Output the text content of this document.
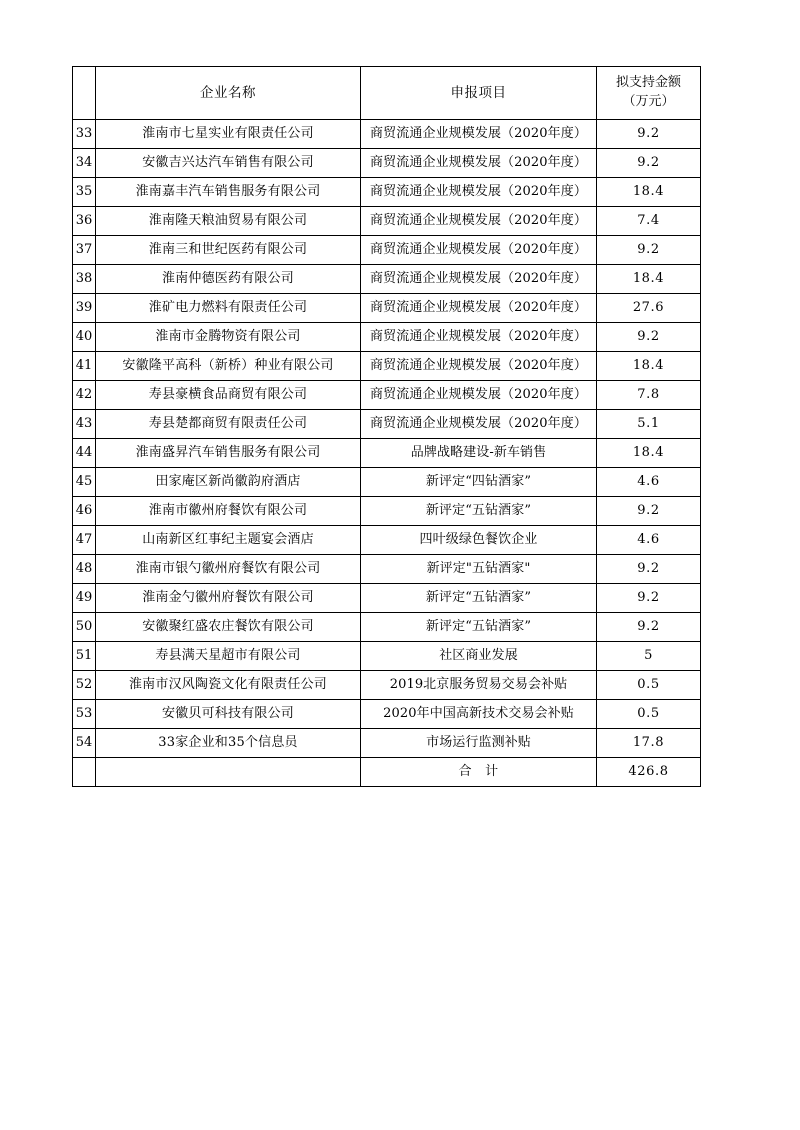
	企业名称	申报项目	拟支持金额
（万元）

33	淮南市七星实业有限责任公司	商贸流通企业规模发展（2020年度）	9.2
34	安徽吉兴达汽车销售有限公司	商贸流通企业规模发展（2020年度）	9.2
35	淮南嘉丰汽车销售服务有限公司	商贸流通企业规模发展（2020年度）	18.4
36	淮南隆天粮油贸易有限公司	商贸流通企业规模发展（2020年度）	7.4
37	淮南三和世纪医药有限公司	商贸流通企业规模发展（2020年度）	9.2
38	淮南仲德医药有限公司	商贸流通企业规模发展（2020年度）	18.4
39	淮矿电力燃料有限责任公司	商贸流通企业规模发展（2020年度）	27.6
40	淮南市金腾物资有限公司	商贸流通企业规模发展（2020年度）	9.2
41	安徽隆平高科（新桥）种业有限公司	商贸流通企业规模发展（2020年度）	18.4
42	寿县豪横食品商贸有限公司	商贸流通企业规模发展（2020年度）	7.8
43	寿县楚都商贸有限责任公司	商贸流通企业规模发展（2020年度）	5.1
44	淮南盛昇汽车销售服务有限公司	品牌战略建设-新车销售	18.4
45	田家庵区新尚徽韵府酒店	新评定“四钻酒家”	4.6
46	淮南市徽州府餐饮有限公司	新评定“五钻酒家”	9.2
47	山南新区红事纪主题宴会酒店	四叶级绿色餐饮企业	4.6
48	淮南市银勺徽州府餐饮有限公司	新评定"五钻酒家"	9.2
49	淮南金勺徽州府餐饮有限公司	新评定“五钻酒家”	9.2
50	安徽聚红盛农庄餐饮有限公司	新评定“五钻酒家”	9.2
51	寿县满天星超市有限公司	社区商业发展	5
52	淮南市汉风陶瓷文化有限责任公司	2019北京服务贸易交易会补贴	0.5
53	安徽贝可科技有限公司	2020年中国高新技术交易会补贴	0.5
54	33家企业和35个信息员	市场运行监测补贴	17.8
		合　计	426.8
